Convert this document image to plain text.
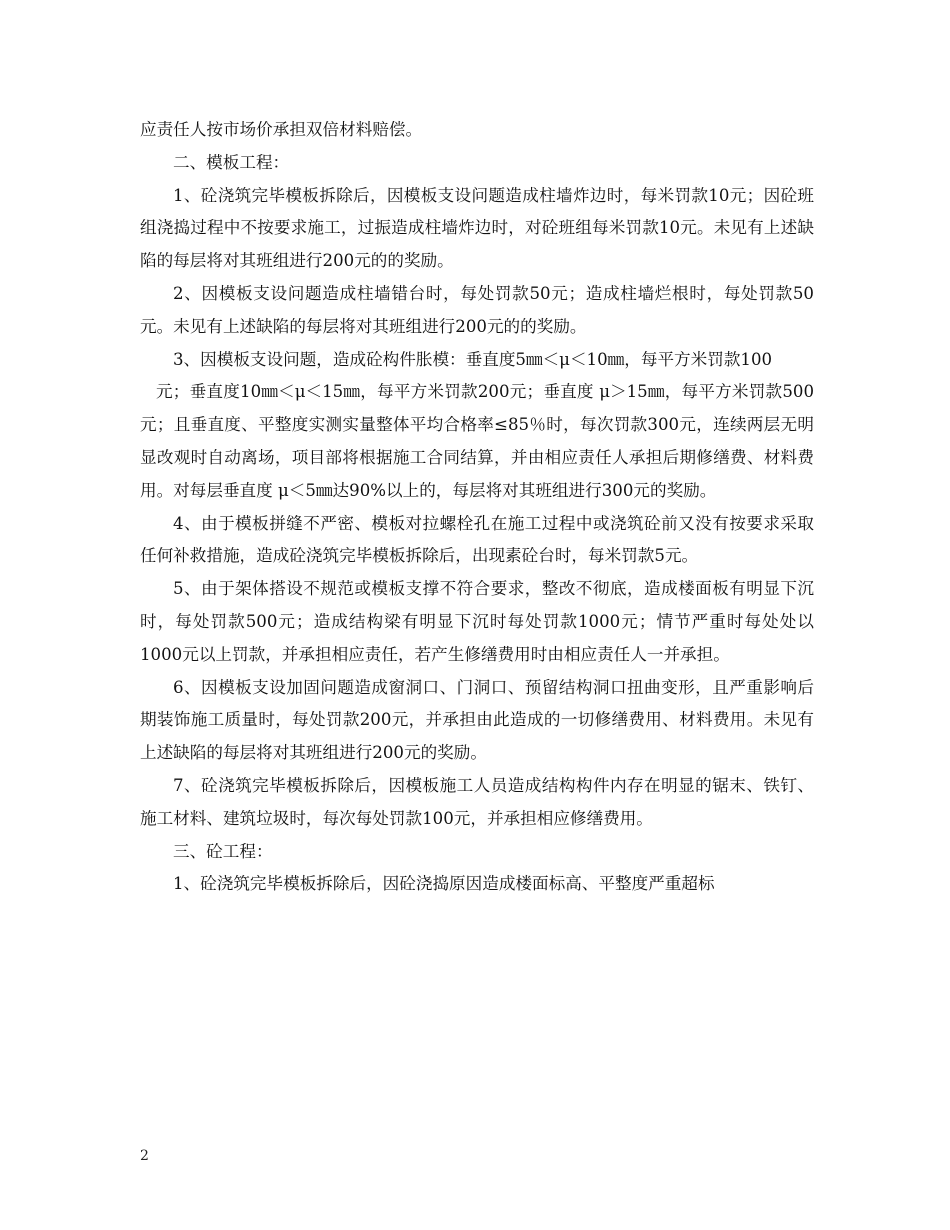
应责任人按市场价承担双倍材料赔偿。

二、模板工程：

1、砼浇筑完毕模板拆除后，因模板支设问题造成柱墙炸边时，每米罚款10元；因砼班组浇捣过程中不按要求施工，过振造成柱墙炸边时，对砼班组每米罚款10元。未见有上述缺陷的每层将对其班组进行200元的的奖励。

2、因模板支设问题造成柱墙错台时，每处罚款50元；造成柱墙烂根时，每处罚款50元。未见有上述缺陷的每层将对其班组进行200元的的奖励。

3、因模板支设问题，造成砼构件胀模：垂直度5㎜＜μ＜10㎜，每平方米罚款100

元；垂直度10㎜＜μ＜15㎜，每平方米罚款200元；垂直度 μ＞15㎜，每平方米罚款500元；且垂直度、平整度实测实量整体平均合格率≤85％时，每次罚款300元，连续两层无明显改观时自动离场，项目部将根据施工合同结算，并由相应责任人承担后期修缮费、材料费用。对每层垂直度 μ＜5㎜达90%以上的，每层将对其班组进行300元的奖励。

4、由于模板拼缝不严密、模板对拉螺栓孔在施工过程中或浇筑砼前又没有按要求采取任何补救措施，造成砼浇筑完毕模板拆除后，出现素砼台时，每米罚款5元。

5、由于架体搭设不规范或模板支撑不符合要求，整改不彻底，造成楼面板有明显下沉时，每处罚款500元；造成结构梁有明显下沉时每处罚款1000元；情节严重时每处处以1000元以上罚款，并承担相应责任，若产生修缮费用时由相应责任人一并承担。

6、因模板支设加固问题造成窗洞口、门洞口、预留结构洞口扭曲变形，且严重影响后期装饰施工质量时，每处罚款200元，并承担由此造成的一切修缮费用、材料费用。未见有上述缺陷的每层将对其班组进行200元的奖励。

7、砼浇筑完毕模板拆除后，因模板施工人员造成结构构件内存在明显的锯末、铁钉、施工材料、建筑垃圾时，每次每处罚款100元，并承担相应修缮费用。

三、砼工程：

1、砼浇筑完毕模板拆除后，因砼浇捣原因造成楼面标高、平整度严重超标

2
